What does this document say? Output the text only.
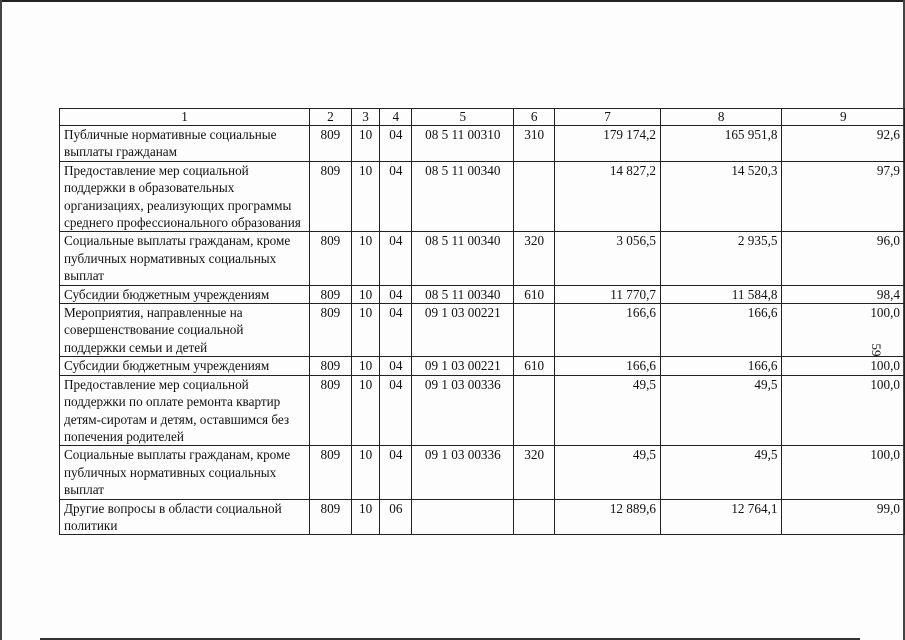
1	2	3	4	5	6	7	8	9
Публичные нормативные социальные выплаты гражданам	809	10	04	08 5 11 00310	310	179 174,2	165 951,8	92,6
Предоставление мер социальной поддержки в образовательных организациях, реализующих программы среднего профессионального образования	809	10	04	08 5 11 00340		14 827,2	14 520,3	97,9
Социальные выплаты гражданам, кроме публичных нормативных социальных выплат	809	10	04	08 5 11 00340	320	3 056,5	2 935,5	96,0
Субсидии бюджетным учреждениям	809	10	04	08 5 11 00340	610	11 770,7	11 584,8	98,4
Мероприятия, направленные на совершенствование социальной поддержки семьи и детей	809	10	04	09 1 03 00221		166,6	166,6	100,0
Субсидии бюджетным учреждениям	809	10	04	09 1 03 00221	610	166,6	166,6	100,0
Предоставление мер социальной поддержки по оплате ремонта квартир детям-сиротам и детям, оставшимся без попечения родителей	809	10	04	09 1 03 00336		49,5	49,5	100,0
Социальные выплаты гражданам, кроме публичных нормативных социальных выплат	809	10	04	09 1 03 00336	320	49,5	49,5	100,0
Другие вопросы в области социальной политики	809	10	06			12 889,6	12 764,1	99,0
59
